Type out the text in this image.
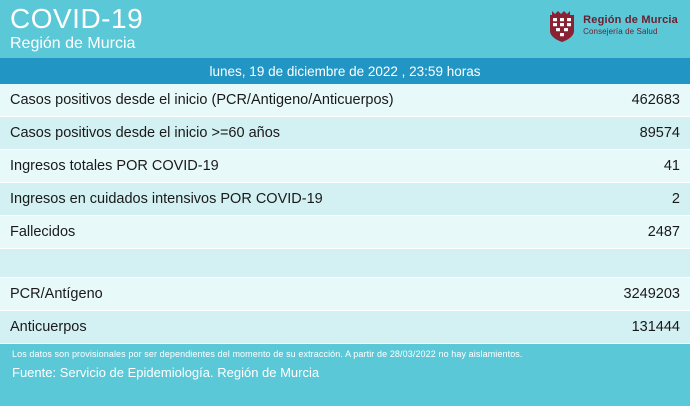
COVID-19
Región de Murcia
Región de Murcia
Consejería de Salud
lunes, 19 de diciembre de 2022 , 23:59 horas
Casos positivos desde el inicio (PCR/Antigeno/Anticuerpos)	462683
Casos positivos desde el inicio >=60 años	89574
Ingresos totales POR COVID-19	41
Ingresos en cuidados intensivos POR COVID-19	2
Fallecidos	2487
PCR/Antígeno	3249203
Anticuerpos	131444
Los datos son provisionales por ser dependientes del momento de su extracción. A partir de 28/03/2022 no hay aislamientos.
Fuente: Servicio de Epidemiología. Región de Murcia
